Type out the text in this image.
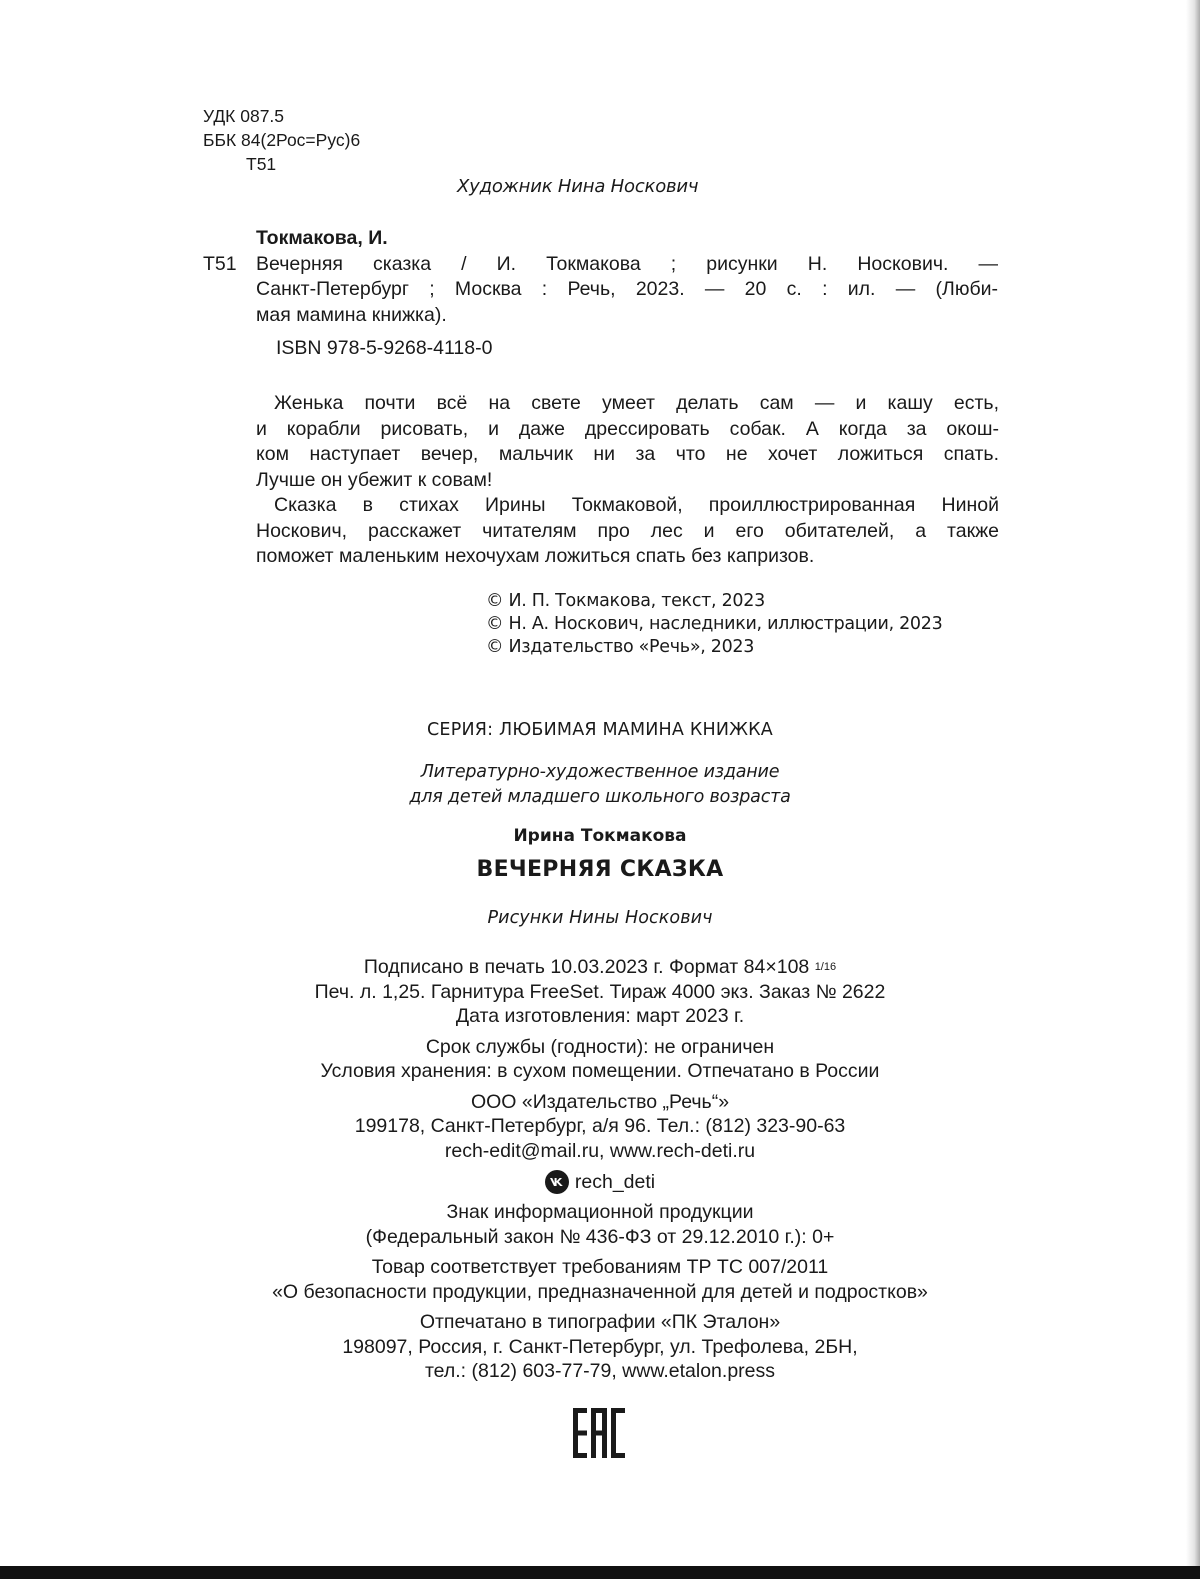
УДК 087.5
ББК 84(2Рос=Рус)6
Т51
Художник Нина Носкович
Токмакова, И.
Т51 Вечерняя сказка / И. Токмакова ; рисунки Н. Носкович. —
Санкт-Петербург ; Москва : Речь, 2023. — 20 с. : ил. — (Люби-
мая мамина книжка).
ISBN 978-5-9268-4118-0
Женька почти всё на свете умеет делать сам — и кашу есть,
и корабли рисовать, и даже дрессировать собак. А когда за окош-
ком наступает вечер, мальчик ни за что не хочет ложиться спать.
Лучше он убежит к совам!
Сказка в стихах Ирины Токмаковой, проиллюстрированная Ниной
Носкович, расскажет читателям про лес и его обитателей, а также
поможет маленьким нехочухам ложиться спать без капризов.
© И. П. Токмакова, текст, 2023
© Н. А. Носкович, наследники, иллюстрации, 2023
© Издательство «Речь», 2023
СЕРИЯ: ЛЮБИМАЯ МАМИНА КНИЖКА
Литературно-художественное издание
для детей младшего школьного возраста
Ирина Токмакова
ВЕЧЕРНЯЯ СКАЗКА
Рисунки Нины Носкович
Подписано в печать 10.03.2023 г. Формат 84×108 $^{1/16}$
Печ. л. 1,25. Гарнитура FreeSet. Тираж 4000 экз. Заказ № 2622
Дата изготовления: март 2023 г.
Срок службы (годности): не ограничен
Условия хранения: в сухом помещении. Отпечатано в России
ООО «Издательство „Речь“»
199178, Санкт-Петербург, а/я 96. Тел.: (812) 323-90-63
rech-edit@mail.ru, www.rech-deti.ru
rech_deti
Знак информационной продукции
(Федеральный закон № 436-ФЗ от 29.12.2010 г.): 0+
Товар соответствует требованиям ТР ТС 007/2011
«О безопасности продукции, предназначенной для детей и подростков»
Отпечатано в типографии «ПК Эталон»
198097, Россия, г. Санкт-Петербург, ул. Трефолева, 2БН,
тел.: (812) 603-77-79, www.etalon.press
